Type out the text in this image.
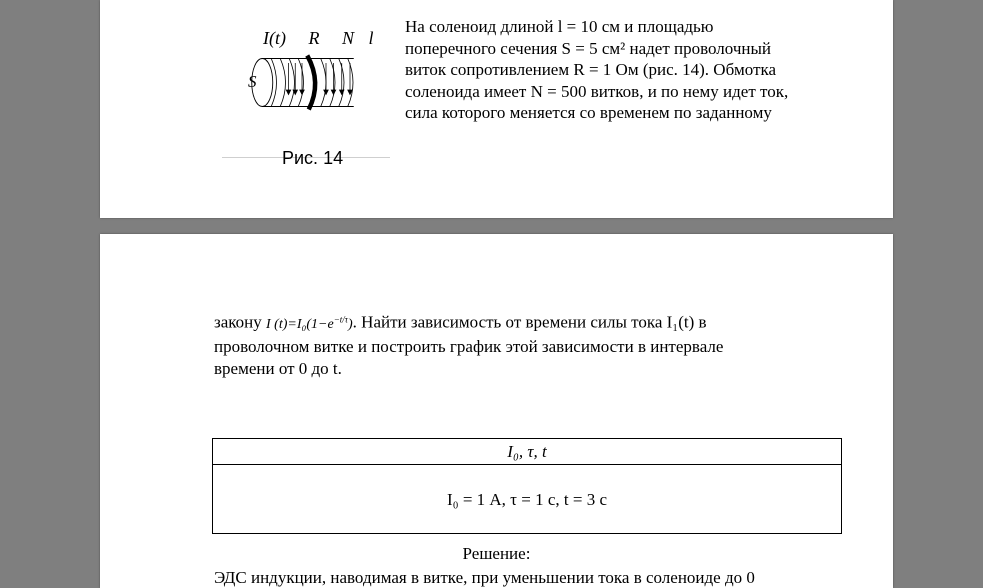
S
I(t) R N l
Рис. 14
На соленоид длиной l = 10 см и площадью
поперечного сечения S = 5 см² надет проволочный
виток сопротивлением R = 1 Ом (рис. 14). Обмотка
соленоида имеет N = 500 витков, и по нему идет ток,
сила которого меняется со временем по заданному
закону I $(t)=I_0(1-e^{-t/\tau})$. Найти зависимость от времени силы тока I₁(t) в
проволочном витке и построить график этой зависимости в интервале
времени от 0 до t.
I₀, τ, t
I₀ = 1 А, τ = 1 с, t = 3 с
Решение:
ЭДС индукции, наводимая в витке, при уменьшении тока в соленоиде до 0
